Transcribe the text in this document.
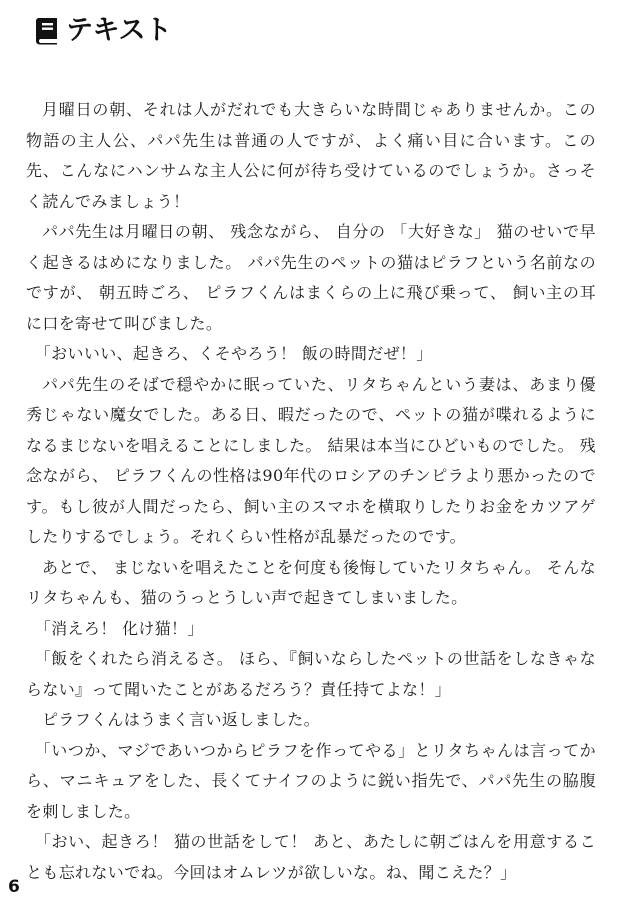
テキスト

月曜日の朝、それは人がだれでも大きらいな時間じゃありませんか。この物語の主人公、パパ先生は普通の人ですが、よく痛い目に合います。この先、こんなにハンサムな主人公に何が待ち受けているのでしょうか。さっそく読んでみましょう！

パパ先生は月曜日の朝、 残念ながら、 自分の 「大好きな」 猫のせいで早く起きるはめになりました。 パパ先生のペットの猫はピラフという名前なのですが、 朝五時ごろ、 ピラフくんはまくらの上に飛び乗って、 飼い主の耳に口を寄せて叫びました。

「おいいい、起きろ、くそやろう！ 飯の時間だぜ！」

パパ先生のそばで穏やかに眠っていた、リタちゃんという妻は、あまり優秀じゃない魔女でした。ある日、暇だったので、ペットの猫が喋れるようになるまじないを唱えることにしました。 結果は本当にひどいものでした。 残念ながら、 ピラフくんの性格は90年代のロシアのチンピラより悪かったのです。もし彼が人間だったら、飼い主のスマホを横取りしたりお金をカツアゲしたりするでしょう。それくらい性格が乱暴だったのです。

あとで、 まじないを唱えたことを何度も後悔していたリタちゃん。 そんなリタちゃんも、猫のうっとうしい声で起きてしまいました。

「消えろ！ 化け猫！」

「飯をくれたら消えるさ。 ほら、『飼いならしたペットの世話をしなきゃならない』って聞いたことがあるだろう？責任持てよな！」

ピラフくんはうまく言い返しました。

「いつか、マジであいつからピラフを作ってやる」とリタちゃんは言ってから、マニキュアをした、長くてナイフのように鋭い指先で、パパ先生の脇腹を刺しました。

「おい、起きろ！ 猫の世話をして！ あと、あたしに朝ごはんを用意することも忘れないでね。今回はオムレツが欲しいな。ね、聞こえた？」

6
